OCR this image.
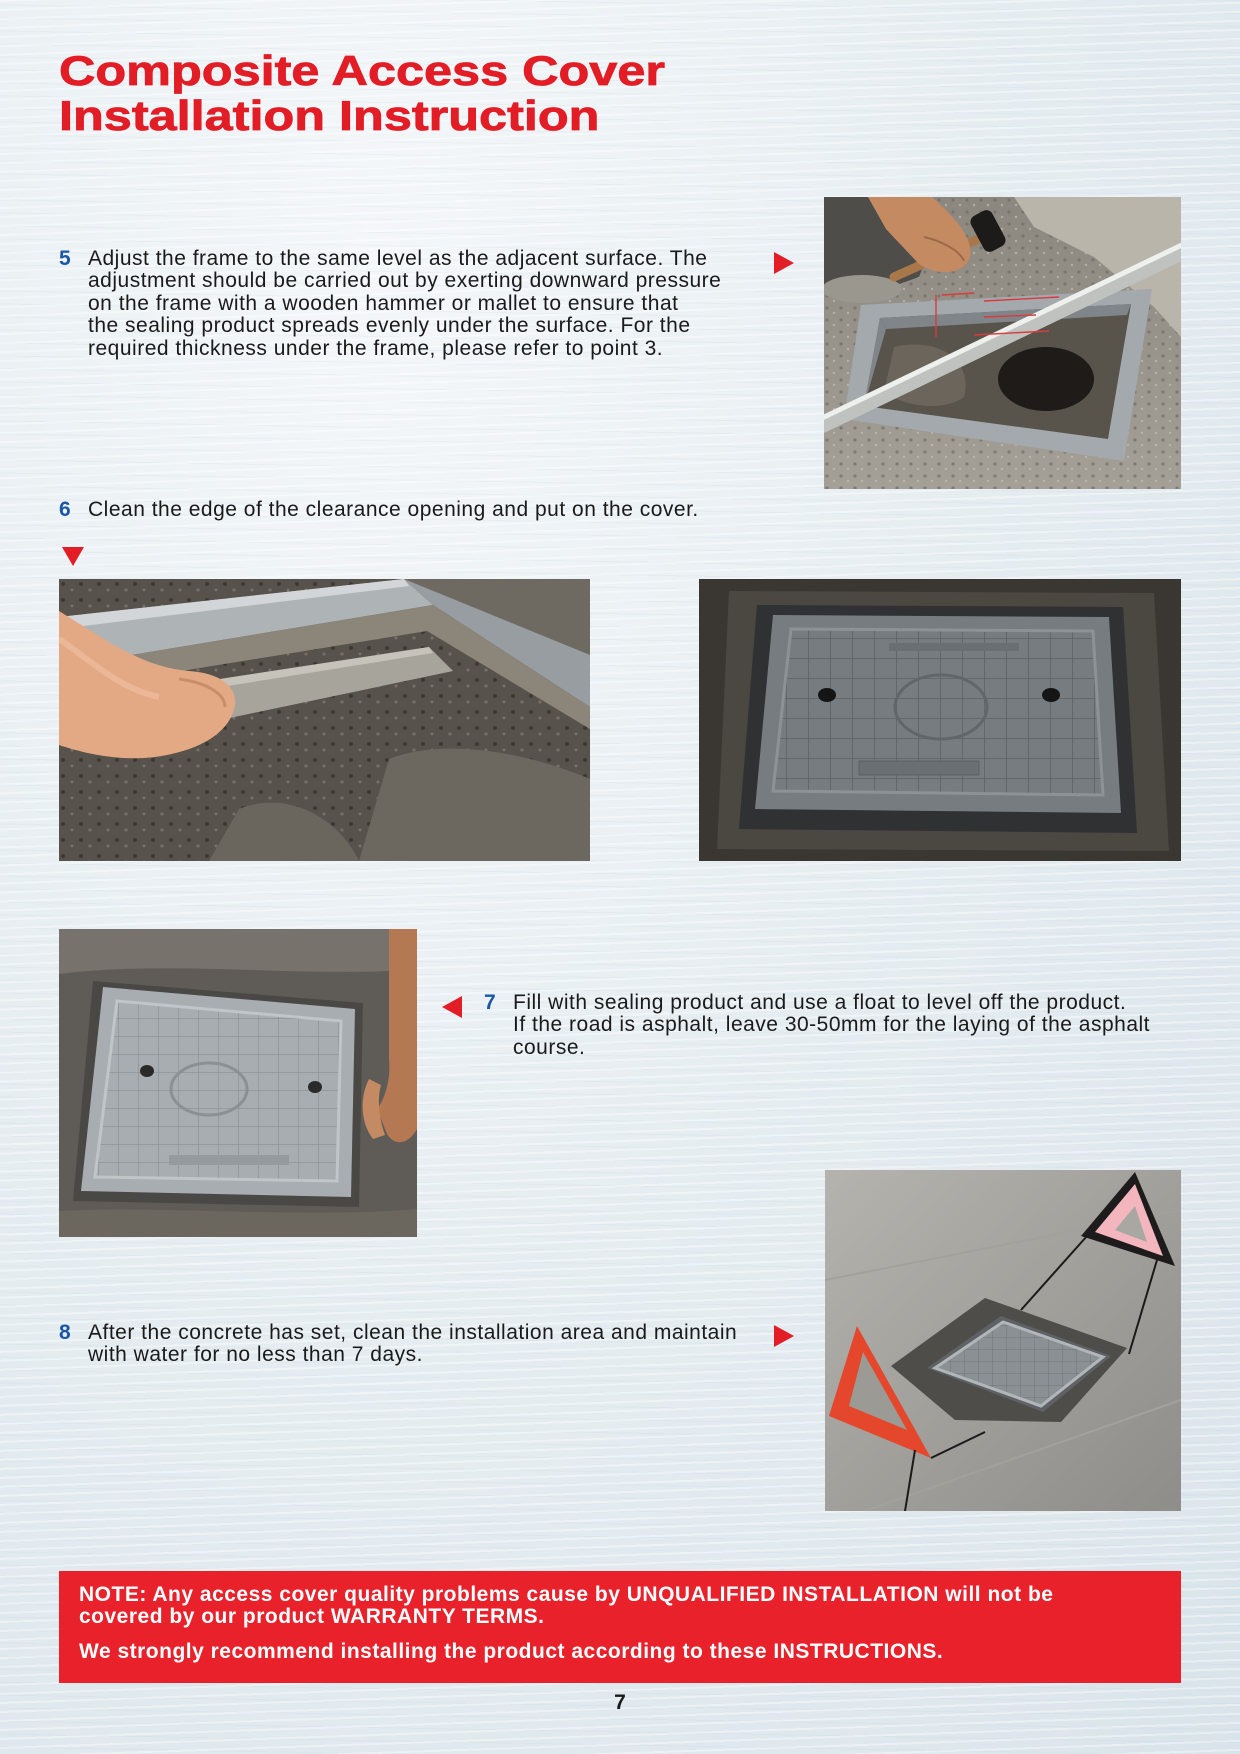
Composite Access Cover
Installation Instruction
5 Adjust the frame to the same level as the adjacent surface. The
adjustment should be carried out by exerting downward pressure
on the frame with a wooden hammer or mallet to ensure that
the sealing product spreads evenly under the surface. For the
required thickness under the frame, please refer to point 3.
6 Clean the edge of the clearance opening and put on the cover.
7 Fill with sealing product and use a float to level off the product.
If the road is asphalt, leave 30-50mm for the laying of the asphalt
course.
8 After the concrete has set, clean the installation area and maintain
with water for no less than 7 days.

NOTE: Any access cover quality problems cause by UNQUALIFIED INSTALLATION will not be
covered by our product WARRANTY TERMS.

We strongly recommend installing the product according to these INSTRUCTIONS.

7
